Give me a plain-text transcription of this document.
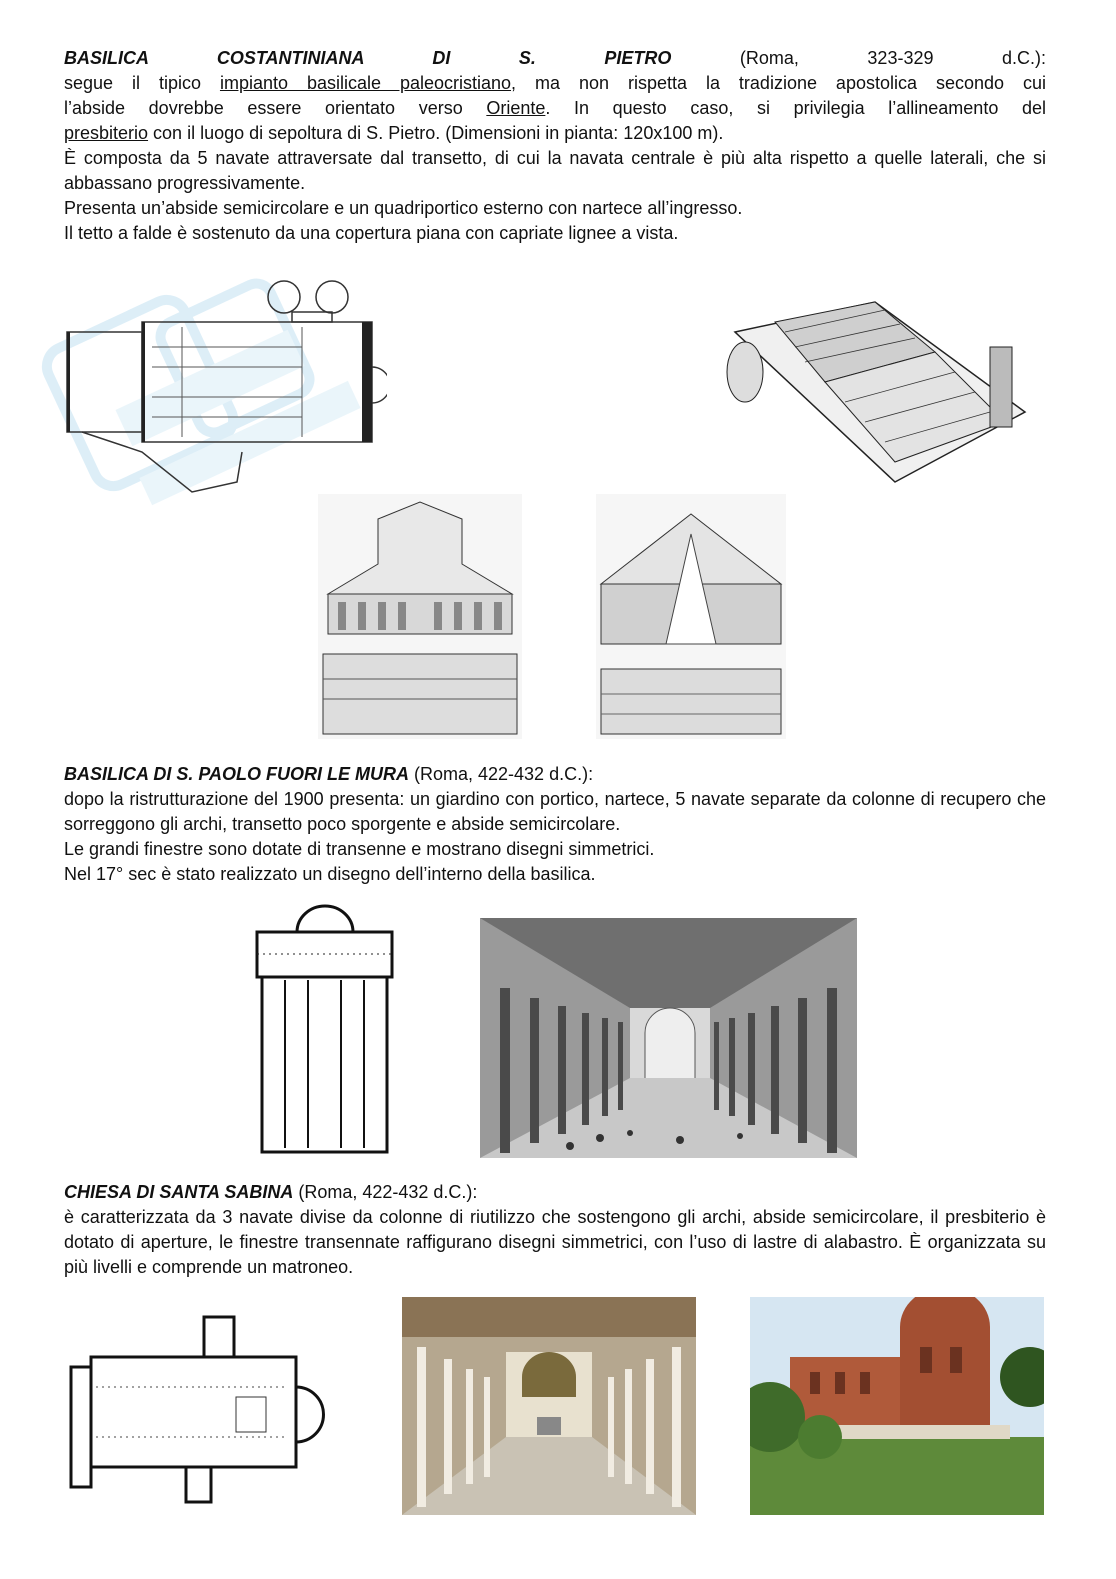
BASILICA COSTANTINIANA DI S. PIETRO (Roma, 323-329 d.C.):

segue il tipico impianto basilicale paleocristiano, ma non rispetta la tradizione apostolica secondo cui

l’abside dovrebbe essere orientato verso Oriente. In questo caso, si privilegia l’allineamento del

presbiterio con il luogo di sepoltura di S. Pietro. (Dimensioni in pianta: 120x100 m).

È composta da 5 navate attraversate dal transetto, di cui la navata centrale è più alta rispetto a quelle laterali, che si abbassano progressivamente.

Presenta un’abside semicircolare e un quadriportico esterno con nartece all’ingresso.

Il tetto a falde è sostenuto da una copertura piana con capriate lignee a vista.

BASILICA DI S. PAOLO FUORI LE MURA (Roma, 422-432 d.C.):

dopo la ristrutturazione del 1900 presenta: un giardino con portico, nartece, 5 navate separate da colonne di recupero che sorreggono gli archi, transetto poco sporgente e abside semicircolare.

Le grandi finestre sono dotate di transenne e mostrano disegni simmetrici.

Nel 17° sec è stato realizzato un disegno dell’interno della basilica.

CHIESA DI SANTA SABINA (Roma, 422-432 d.C.):

è caratterizzata da 3 navate divise da colonne di riutilizzo che sostengono gli archi, abside semicircolare, il presbiterio è dotato di aperture, le finestre transennate raffigurano disegni simmetrici, con l’uso di lastre di alabastro. È organizzata su più livelli e comprende un matroneo.
